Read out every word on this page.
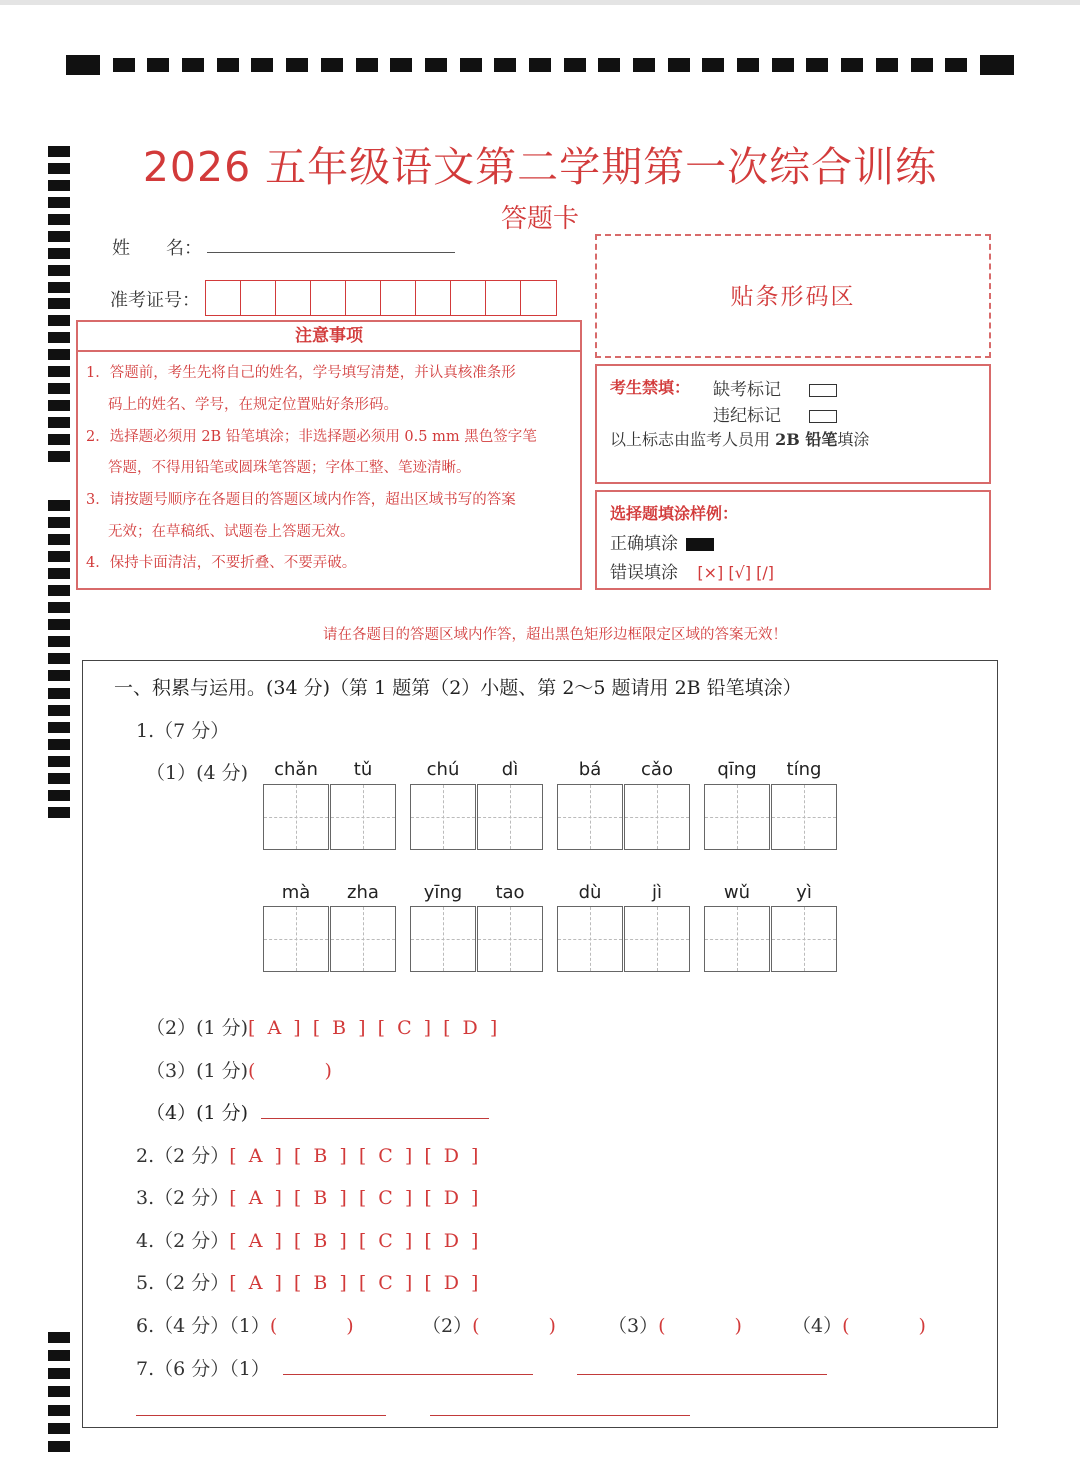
2026 五年级语文第二学期第一次综合训练
答题卡
姓　　名：
准考证号：	贴条形码区
注意事项
1．答题前，考生先将自己的姓名，学号填写清楚，并认真核准条形
码上的姓名、学号，在规定位置贴好条形码。
2．选择题必须用 2B 铅笔填涂；非选择题必须用 0.5 mm 黑色签字笔
答题，不得用铅笔或圆珠笔答题；字体工整、笔迹清晰。
3．请按题号顺序在各题目的答题区域内作答，超出区域书写的答案
无效；在草稿纸、试题卷上答题无效。
4．保持卡面清洁，不要折叠、不要弄破。
考生禁填： 缺考标记
违纪标记
以上标志由监考人员用 2B 铅笔填涂
选择题填涂样例：
正确填涂
错误填涂 [×] [√] [/]
请在各题目的答题区域内作答，超出黑色矩形边框限定区域的答案无效！
一、积累与运用。(34 分)（第 1 题第（2）小题、第 2～5 题请用 2B 铅笔填涂）
1.（7 分）
（1）(4 分)	chǎn	tǔ	chú	dì	bá	cǎo	qīng	tíng
mà	zha	yīng	tao	dù	jì	wǔ	yì
（2）(1 分)[ A ] [ B ] [ C ] [ D ]
（3）(1 分)(　　　)
（4）(1 分)
2.（2 分）[ A ] [ B ] [ C ] [ D ]
3.（2 分）[ A ] [ B ] [ C ] [ D ]
4.（2 分）[ A ] [ B ] [ C ] [ D ]
5.（2 分）[ A ] [ B ] [ C ] [ D ]
6.（4 分）（1）(　　　)	（2）(　　　)	（3）(　　　) （4）(　　　)
7.（6 分）（1）
